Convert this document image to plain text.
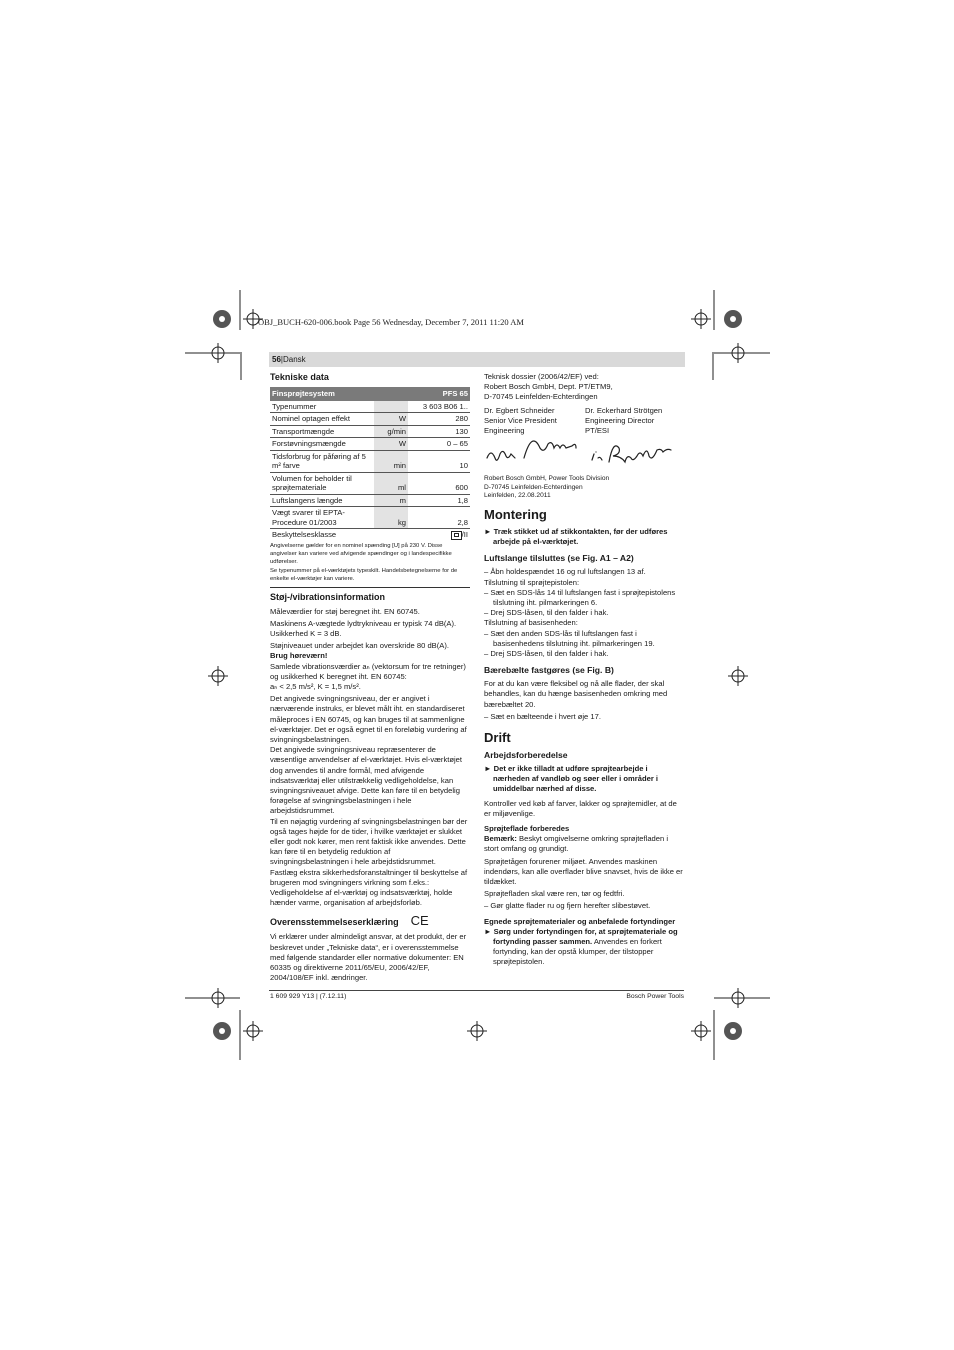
OBJ_BUCH-620-006.book Page 56 Wednesday, December 7, 2011 11:20 AM
56|Dansk
Tekniske data
Finsprøjtesystem		PFS 65
Typenummer		3 603 B06 1..
Nominel optagen effekt	W	280
Transportmængde	g/min	130
Forstøvningsmængde	W	0 – 65
Tidsforbrug for påføring af 5 m² farve	min	10
Volumen for beholder til sprøjtemateriale	ml	600
Luftslangens længde	m	1,8
Vægt svarer til EPTA-Procedure 01/2003	kg	2,8
Beskyttelsesklasse		/II
Angivelserne gælder for en nominel spænding [U] på 230 V. Disse angivelser kan variere ved afvigende spændinger og i landespecifikke udførelser.
Se typenummer på el-værktøjets typeskilt. Handelsbetegnelserne for de enkelte el-værktøjer kan variere.
Støj-/vibrationsinformation

Måleværdier for støj beregnet iht. EN 60745.

Maskinens A-vægtede lydtrykniveau er typisk 74 dB(A). Usikkerhed K = 3 dB.

Støjniveauet under arbejdet kan overskride 80 dB(A).

Brug høreværn!

Samlede vibrationsværdier aₕ (vektorsum for tre retninger) og usikkerhed K beregnet iht. EN 60745:

aₕ < 2,5 m/s², K = 1,5 m/s².

Det angivede svingningsniveau, der er angivet i nærværende instruks, er blevet målt iht. en standardiseret måleproces i EN 60745, og kan bruges til at sammenligne el-værktøjer. Det er også egnet til en foreløbig vurdering af svingningsbelastningen.

Det angivede svingningsniveau repræsenterer de væsentlige anvendelser af el-værktøjet. Hvis el-værktøjet dog anvendes til andre formål, med afvigende indsatsværktøj eller utilstrækkelig vedligeholdelse, kan svingningsniveauet afvige. Dette kan føre til en betydelig forøgelse af svingningsbelastningen i hele arbejdstidsrummet.

Til en nøjagtig vurdering af svingningsbelastningen bør der også tages højde for de tider, i hvilke værktøjet er slukket eller godt nok kører, men rent faktisk ikke anvendes. Dette kan føre til en betydelig reduktion af svingningsbelastningen i hele arbejdstidsrummet.

Fastlæg ekstra sikkerhedsforanstaltninger til beskyttelse af brugeren mod svingningers virkning som f.eks.: Vedligeholdelse af el-værktøj og indsatsværktøj, holde hænder varme, organisation af arbejdsforløb.

Overensstemmelseserklæring CE

Vi erklærer under almindeligt ansvar, at det produkt, der er beskrevet under „Tekniske data“, er i overensstemmelse med følgende standarder eller normative dokumenter: EN 60335 og direktiverne 2011/65/EU, 2006/42/EF, 2004/108/EF inkl. ændringer.

Teknisk dossier (2006/42/EF) ved:

Robert Bosch GmbH, Dept. PT/ETM9,

D-70745 Leinfelden-Echterdingen

Dr. Egbert Schneider
Senior Vice President
Engineering
Dr. Eckerhard Strötgen
Engineering Director
PT/ESI
Robert Bosch GmbH, Power Tools Division
D-70745 Leinfelden-Echterdingen
Leinfelden, 22.08.2011
Montering

► Træk stikket ud af stikkontakten, før der udføres arbejde på el-værktøjet.

Luftslange tilsluttes (se Fig. A1 – A2)

– Åbn holdespændet 16 og rul luftslangen 13 af.

Tilslutning til sprøjtepistolen:

– Sæt en SDS-lås 14 til luftslangen fast i sprøjtepistolens tilslutning iht. pilmarkeringen 6.

– Drej SDS-låsen, til den falder i hak.

Tilslutning af basisenheden:

– Sæt den anden SDS-lås til luftslangen fast i basisenhedens tilslutning iht. pilmarkeringen 19.

– Drej SDS-låsen, til den falder i hak.

Bærebælte fastgøres (se Fig. B)

For at du kan være fleksibel og nå alle flader, der skal behandles, kan du hænge basisenheden omkring med bærebæltet 20.

– Sæt en bælteende i hvert øje 17.

Drift
Arbejdsforberedelse

► Det er ikke tilladt at udføre sprøjtearbejde i nærheden af vandløb og søer eller i områder i umiddelbar nærhed af disse.

Kontroller ved køb af farver, lakker og sprøjtemidler, at de er miljøvenlige.

Sprøjteflade forberedes

Bemærk: Beskyt omgivelserne omkring sprøjtefladen i stort omfang og grundigt.

Sprøjtetågen forurener miljøet. Anvendes maskinen indendørs, kan alle overflader blive snavset, hvis de ikke er tildækket.

Sprøjtefladen skal være ren, tør og fedtfri.

– Gør glatte flader ru og fjern herefter slibestøvet.

Egnede sprøjtematerialer og anbefalede fortyndinger

► Sørg under fortyndingen for, at sprøjtemateriale og fortynding passer sammen. Anvendes en forkert fortynding, kan der opstå klumper, der tilstopper sprøjtepistolen.

1 609 929 Y13 | (7.12.11)	Bosch Power Tools
